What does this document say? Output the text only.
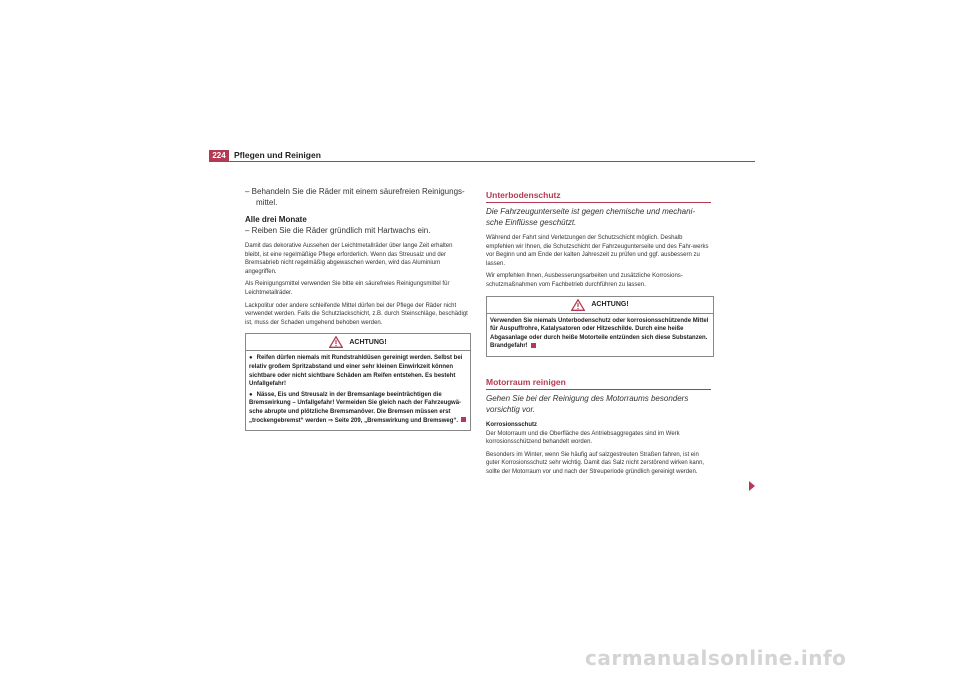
224 Pflegen und Reinigen

– Behandeln Sie die Räder mit einem säurefreien Reinigungs-mittel.

Alle drei Monate

– Reiben Sie die Räder gründlich mit Hartwachs ein.

Damit das dekorative Aussehen der Leichtmetallräder über lange Zeit erhalten bleibt, ist eine regelmäßige Pflege erforderlich. Wenn das Streusalz und der Bremsabrieb nicht regelmäßig abgewaschen werden, wird das Aluminium angegriffen.

Als Reinigungsmittel verwenden Sie bitte ein säurefreies Reinigungsmittel für Leichtmetallräder.

Lackpolitur oder andere schleifende Mittel dürfen bei der Pflege der Räder nicht verwendet werden. Falls die Schutzlackschicht, z.B. durch Steinschläge, beschädigt ist, muss der Schaden umgehend behoben werden.

ACHTUNG!

● Reifen dürfen niemals mit Rundstrahldüsen gereinigt werden. Selbst bei relativ großem Spritzabstand und einer sehr kleinen Einwirkzeit können sichtbare oder nicht sichtbare Schäden am Reifen entstehen. Es besteht Unfallgefahr!

● Nässe, Eis und Streusalz in der Bremsanlage beeinträchtigen die Bremswirkung – Unfallgefahr! Vermeiden Sie gleich nach der Fahrzeugwä-sche abrupte und plötzliche Bremsmanöver. Die Bremsen müssen erst „trockengebremst“ werden ⇒ Seite 209, „Bremswirkung und Bremsweg“.

Unterbodenschutz

Die Fahrzeugunterseite ist gegen chemische und mechani-sche Einflüsse geschützt.

Während der Fahrt sind Verletzungen der Schutzschicht möglich. Deshalb empfehlen wir Ihnen, die Schutzschicht der Fahrzeugunterseite und des Fahr-werks vor Beginn und am Ende der kalten Jahreszeit zu prüfen und ggf. ausbessern zu lassen.

Wir empfehlen Ihnen, Ausbesserungsarbeiten und zusätzliche Korrosions-schutzmaßnahmen vom Fachbetrieb durchführen zu lassen.

ACHTUNG!

Verwenden Sie niemals Unterbodenschutz oder korrosionsschützende Mittel für Auspuffrohre, Katalysatoren oder Hitzeschilde. Durch eine heiße Abgasanlage oder durch heiße Motorteile entzünden sich diese Substanzen. Brandgefahr!

Motorraum reinigen

Gehen Sie bei der Reinigung des Motorraums besonders vorsichtig vor.

Korrosionsschutz

Der Motorraum und die Oberfläche des Antriebsaggregates sind im Werk korrosionsschützend behandelt worden.

Besonders im Winter, wenn Sie häufig auf salzgestreuten Straßen fahren, ist ein guter Korrosionsschutz sehr wichtig. Damit das Salz nicht zerstörend wirken kann, sollte der Motorraum vor und nach der Streuperiode gründlich gereinigt werden.

carmanualsonline.info
